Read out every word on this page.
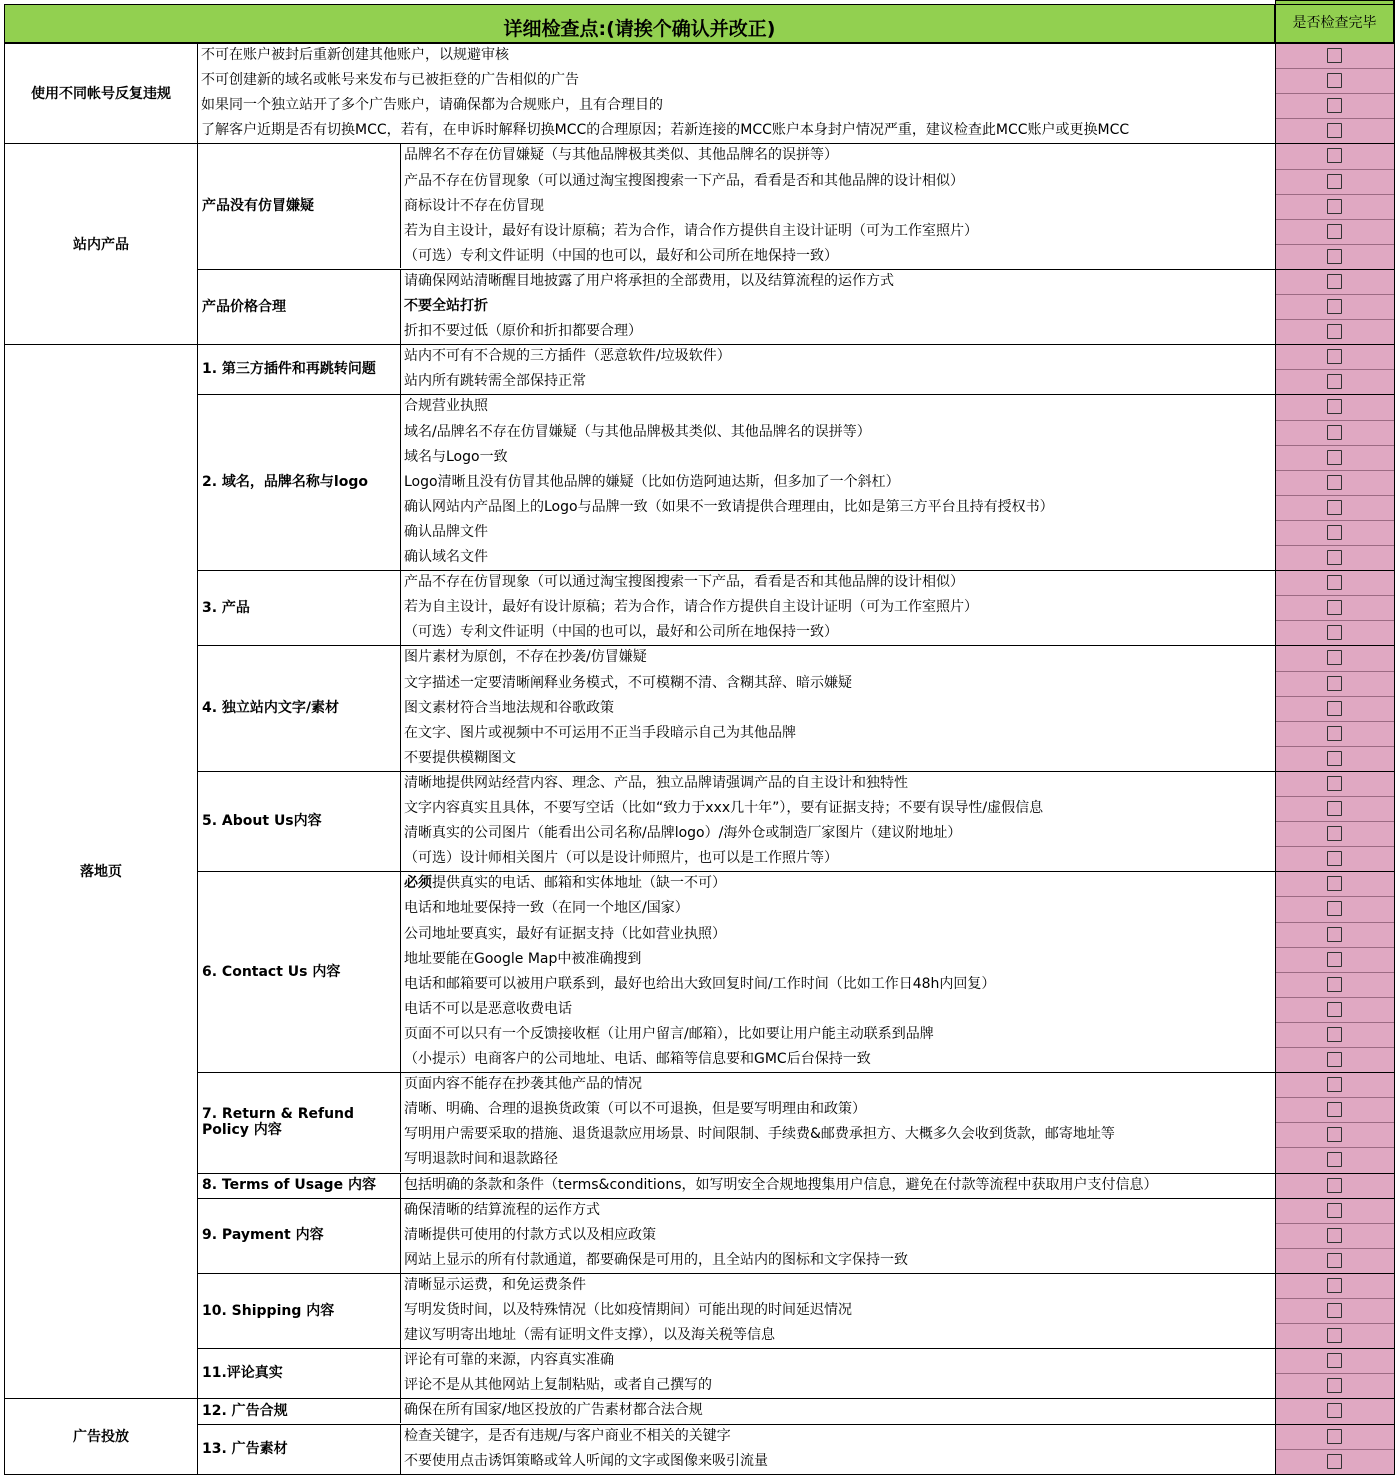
详细检查点:(请挨个确认并改正)	是否检查完毕
不可在账户被封后重新创建其他账户，以规避审核
不可创建新的域名或帐号来发布与已被拒登的广告相似的广告
如果同一个独立站开了多个广告账户，请确保都为合规账户，且有合理目的
了解客户近期是否有切换MCC，若有，在申诉时解释切换MCC的合理原因；若新连接的MCC账户本身封户情况严重，建议检查此MCC账户或更换MCC
产品没有仿冒嫌疑
品牌名不存在仿冒嫌疑（与其他品牌极其类似、其他品牌名的误拼等）
产品不存在仿冒现象（可以通过淘宝搜图搜索一下产品，看看是否和其他品牌的设计相似）
商标设计不存在仿冒现
若为自主设计，最好有设计原稿；若为合作，请合作方提供自主设计证明（可为工作室照片）
（可选）专利文件证明（中国的也可以，最好和公司所在地保持一致）
产品价格合理
请确保网站清晰醒目地披露了用户将承担的全部费用，以及结算流程的运作方式
不要全站打折
折扣不要过低（原价和折扣都要合理）
1. 第三方插件和再跳转问题
站内不可有不合规的三方插件（恶意软件/垃圾软件）
站内所有跳转需全部保持正常
2. 域名，品牌名称与logo
合规营业执照
域名/品牌名不存在仿冒嫌疑（与其他品牌极其类似、其他品牌名的误拼等）
域名与Logo一致
Logo清晰且没有仿冒其他品牌的嫌疑（比如仿造阿迪达斯，但多加了一个斜杠）
确认网站内产品图上的Logo与品牌一致（如果不一致请提供合理理由，比如是第三方平台且持有授权书）
确认品牌文件
确认域名文件
3. 产品
产品不存在仿冒现象（可以通过淘宝搜图搜索一下产品，看看是否和其他品牌的设计相似）
若为自主设计，最好有设计原稿；若为合作，请合作方提供自主设计证明（可为工作室照片）
（可选）专利文件证明（中国的也可以，最好和公司所在地保持一致）
4. 独立站内文字/素材
图片素材为原创，不存在抄袭/仿冒嫌疑
文字描述一定要清晰阐释业务模式，不可模糊不清、含糊其辞、暗示嫌疑
图文素材符合当地法规和谷歌政策
在文字、图片或视频中不可运用不正当手段暗示自己为其他品牌
不要提供模糊图文
5. About Us内容
清晰地提供网站经营内容、理念、产品，独立品牌请强调产品的自主设计和独特性
文字内容真实且具体，不要写空话（比如“致力于xxx几十年”），要有证据支持；不要有误导性/虚假信息
清晰真实的公司图片（能看出公司名称/品牌logo）/海外仓或制造厂家图片（建议附地址）
（可选）设计师相关图片（可以是设计师照片，也可以是工作照片等）
6. Contact Us 内容
必须提供真实的电话、邮箱和实体地址（缺一不可）
电话和地址要保持一致（在同一个地区/国家）
公司地址要真实，最好有证据支持（比如营业执照）
地址要能在Google Map中被准确搜到
电话和邮箱要可以被用户联系到，最好也给出大致回复时间/工作时间（比如工作日48h内回复）
电话不可以是恶意收费电话
页面不可以只有一个反馈接收框（让用户留言/邮箱），比如要让用户能主动联系到品牌
（小提示）电商客户的公司地址、电话、邮箱等信息要和GMC后台保持一致
7. Return & Refund Policy 内容
页面内容不能存在抄袭其他产品的情况
清晰、明确、合理的退换货政策（可以不可退换，但是要写明理由和政策）
写明用户需要采取的措施、退货退款应用场景、时间限制、手续费&邮费承担方、大概多久会收到货款，邮寄地址等
写明退款时间和退款路径
8. Terms of Usage 内容 包括明确的条款和条件（terms&conditions，如写明安全合规地搜集用户信息，避免在付款等流程中获取用户支付信息）
9. Payment 内容
确保清晰的结算流程的运作方式
清晰提供可使用的付款方式以及相应政策
网站上显示的所有付款通道，都要确保是可用的，且全站内的图标和文字保持一致
10. Shipping 内容
清晰显示运费，和免运费条件
写明发货时间，以及特殊情况（比如疫情期间）可能出现的时间延迟情况
建议写明寄出地址（需有证明文件支撑），以及海关税等信息
11.评论真实
评论有可靠的来源，内容真实准确
评论不是从其他网站上复制粘贴，或者自己撰写的
12. 广告合规	确保在所有国家/地区投放的广告素材都合法合规
13. 广告素材
检查关键字，是否有违规/与客户商业不相关的关键字
不要使用点击诱饵策略或耸人听闻的文字或图像来吸引流量
使用不同帐号反复违规
站内产品
落地页
广告投放
